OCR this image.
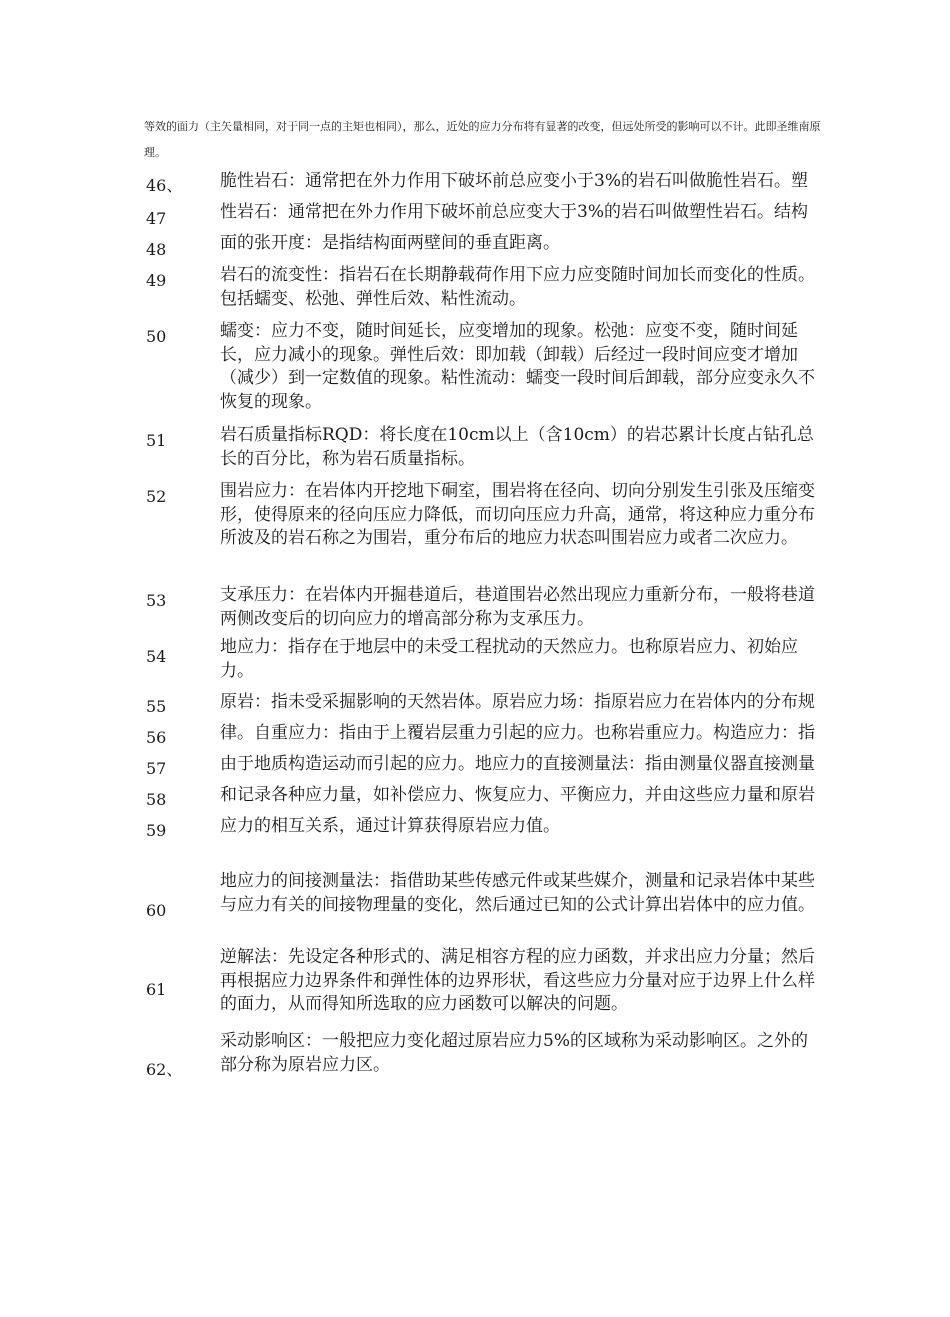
等效的面力（主矢量相同，对于同一点的主矩也相同），那么，近处的应力分布将有显著的改变，但远处所受的影响可以不计。此即圣维南原理。
46、
47
48
49
50
51
52
53
54
55
56
57
58
59
60
61
62、

脆性岩石：通常把在外力作用下破坏前总应变小于3%的岩石叫做脆性岩石。塑性岩石：通常把在外力作用下破坏前总应变大于3%的岩石叫做塑性岩石。结构面的张开度：是指结构面两壁间的垂直距离。

岩石的流变性：指岩石在长期静载荷作用下应力应变随时间加长而变化的性质。包括蠕变、松弛、弹性后效、粘性流动。

蠕变：应力不变，随时间延长，应变增加的现象。松弛：应变不变，随时间延长，应力减小的现象。弹性后效：即加载（卸载）后经过一段时间应变才增加（减少）到一定数值的现象。粘性流动：蠕变一段时间后卸载，部分应变永久不恢复的现象。

岩石质量指标RQD：将长度在10cm以上（含10cm）的岩芯累计长度占钻孔总长的百分比，称为岩石质量指标。

围岩应力：在岩体内开挖地下硐室，围岩将在径向、切向分别发生引张及压缩变形，使得原来的径向压应力降低，而切向压应力升高，通常，将这种应力重分布所波及的岩石称之为围岩，重分布后的地应力状态叫围岩应力或者二次应力。

支承压力：在岩体内开掘巷道后，巷道围岩必然出现应力重新分布，一般将巷道两侧改变后的切向应力的增高部分称为支承压力。

地应力：指存在于地层中的未受工程扰动的天然应力。也称原岩应力、初始应力。

原岩：指未受采掘影响的天然岩体。原岩应力场：指原岩应力在岩体内的分布规律。自重应力：指由于上覆岩层重力引起的应力。也称岩重应力。构造应力：指由于地质构造运动而引起的应力。地应力的直接测量法：指由测量仪器直接测量和记录各种应力量，如补偿应力、恢复应力、平衡应力，并由这些应力量和原岩应力的相互关系，通过计算获得原岩应力值。

地应力的间接测量法：指借助某些传感元件或某些媒介，测量和记录岩体中某些与应力有关的间接物理量的变化，然后通过已知的公式计算出岩体中的应力值。

逆解法：先设定各种形式的、满足相容方程的应力函数，并求出应力分量；然后再根据应力边界条件和弹性体的边界形状，看这些应力分量对应于边界上什么样的面力，从而得知所选取的应力函数可以解决的问题。

采动影响区：一般把应力变化超过原岩应力5%的区域称为采动影响区。之外的部分称为原岩应力区。
